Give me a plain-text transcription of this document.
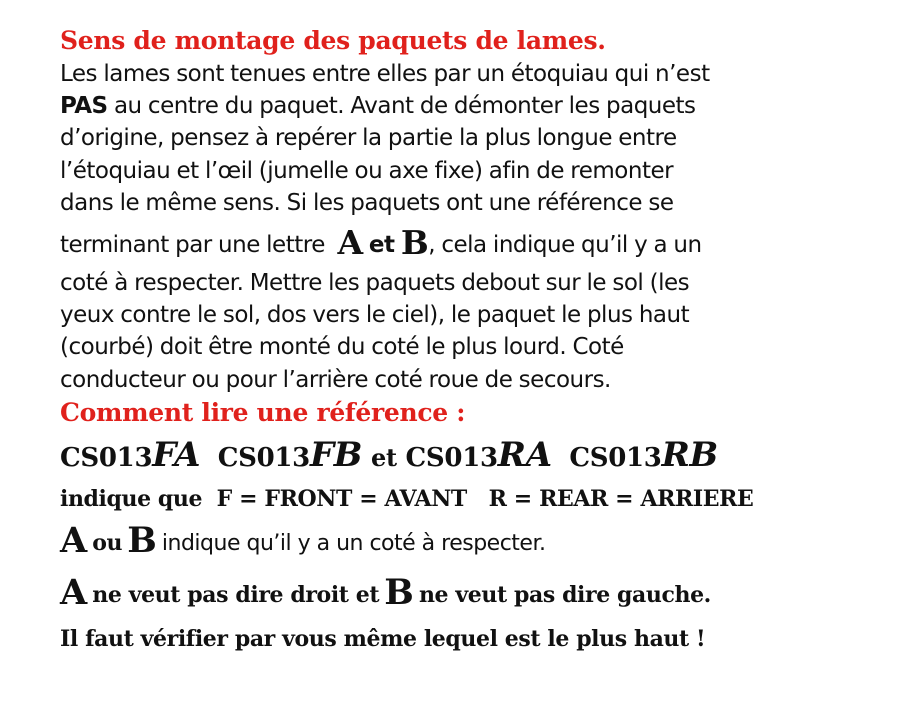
Sens de montage des paquets de lames.
Les lames sont tenues entre elles par un étoquiau qui n’est
PAS au centre du paquet. Avant de démonter les paquets
d’origine, pensez à repérer la partie la plus longue entre
l’étoquiau et l’œil (jumelle ou axe fixe) afin de remonter
dans le même sens. Si les paquets ont une référence se
terminant par une lettre A et B, cela indique qu’il y a un
coté à respecter. Mettre les paquets debout sur le sol (les
yeux contre le sol, dos vers le ciel), le paquet le plus haut
(courbé) doit être monté du coté le plus lourd. Coté
conducteur ou pour l’arrière coté roue de secours.
Comment lire une référence :
CS013FA CS013FB et CS013RA CS013RB
indique que  F = FRONT = AVANT   R = REAR = ARRIERE
A ou B indique qu’il y a un coté à respecter.
A ne veut pas dire droit et B ne veut pas dire gauche.
Il faut vérifier par vous même lequel est le plus haut !
